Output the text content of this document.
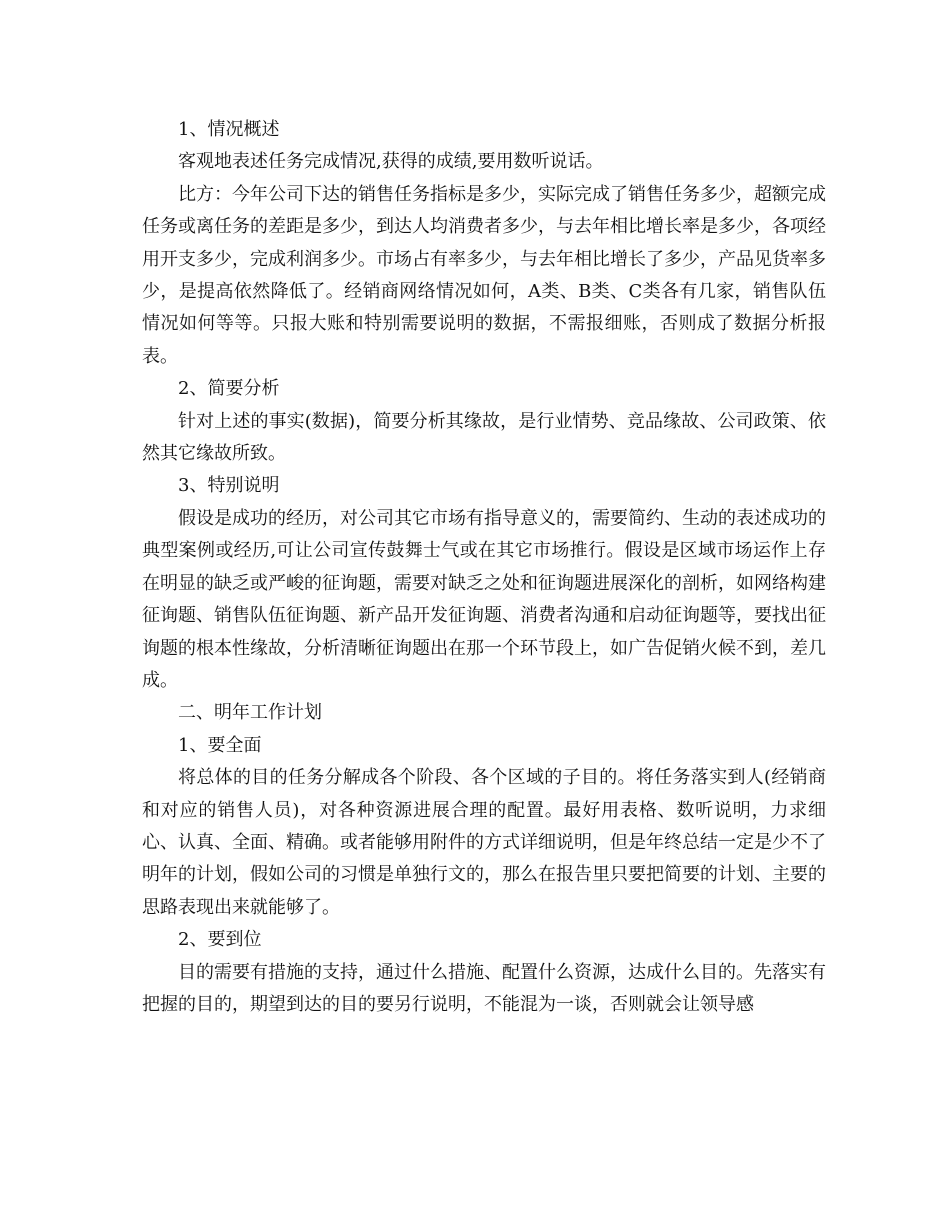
1、情况概述

客观地表述任务完成情况,获得的成绩,要用数听说话。

比方：今年公司下达的销售任务指标是多少，实际完成了销售任务多少，超额完成任务或离任务的差距是多少，到达人均消费者多少，与去年相比增长率是多少，各项经用开支多少，完成利润多少。市场占有率多少，与去年相比增长了多少，产品见货率多少，是提高依然降低了。经销商网络情况如何，A类、B类、C类各有几家，销售队伍情况如何等等。只报大账和特别需要说明的数据，不需报细账，否则成了数据分析报表。

2、简要分析

针对上述的事实(数据)，简要分析其缘故，是行业情势、竞品缘故、公司政策、依然其它缘故所致。

3、特别说明

假设是成功的经历，对公司其它市场有指导意义的，需要简约、生动的表述成功的典型案例或经历,可让公司宣传鼓舞士气或在其它市场推行。假设是区域市场运作上存在明显的缺乏或严峻的征询题，需要对缺乏之处和征询题进展深化的剖析，如网络构建征询题、销售队伍征询题、新产品开发征询题、消费者沟通和启动征询题等，要找出征询题的根本性缘故，分析清晰征询题出在那一个环节段上，如广告促销火候不到，差几成。

二、明年工作计划

1、要全面

将总体的目的任务分解成各个阶段、各个区域的子目的。将任务落实到人(经销商和对应的销售人员)，对各种资源进展合理的配置。最好用表格、数听说明，力求细心、认真、全面、精确。或者能够用附件的方式详细说明，但是年终总结一定是少不了明年的计划，假如公司的习惯是单独行文的，那么在报告里只要把简要的计划、主要的思路表现出来就能够了。

2、要到位

目的需要有措施的支持，通过什么措施、配置什么资源，达成什么目的。先落实有把握的目的，期望到达的目的要另行说明，不能混为一谈，否则就会让领导感
